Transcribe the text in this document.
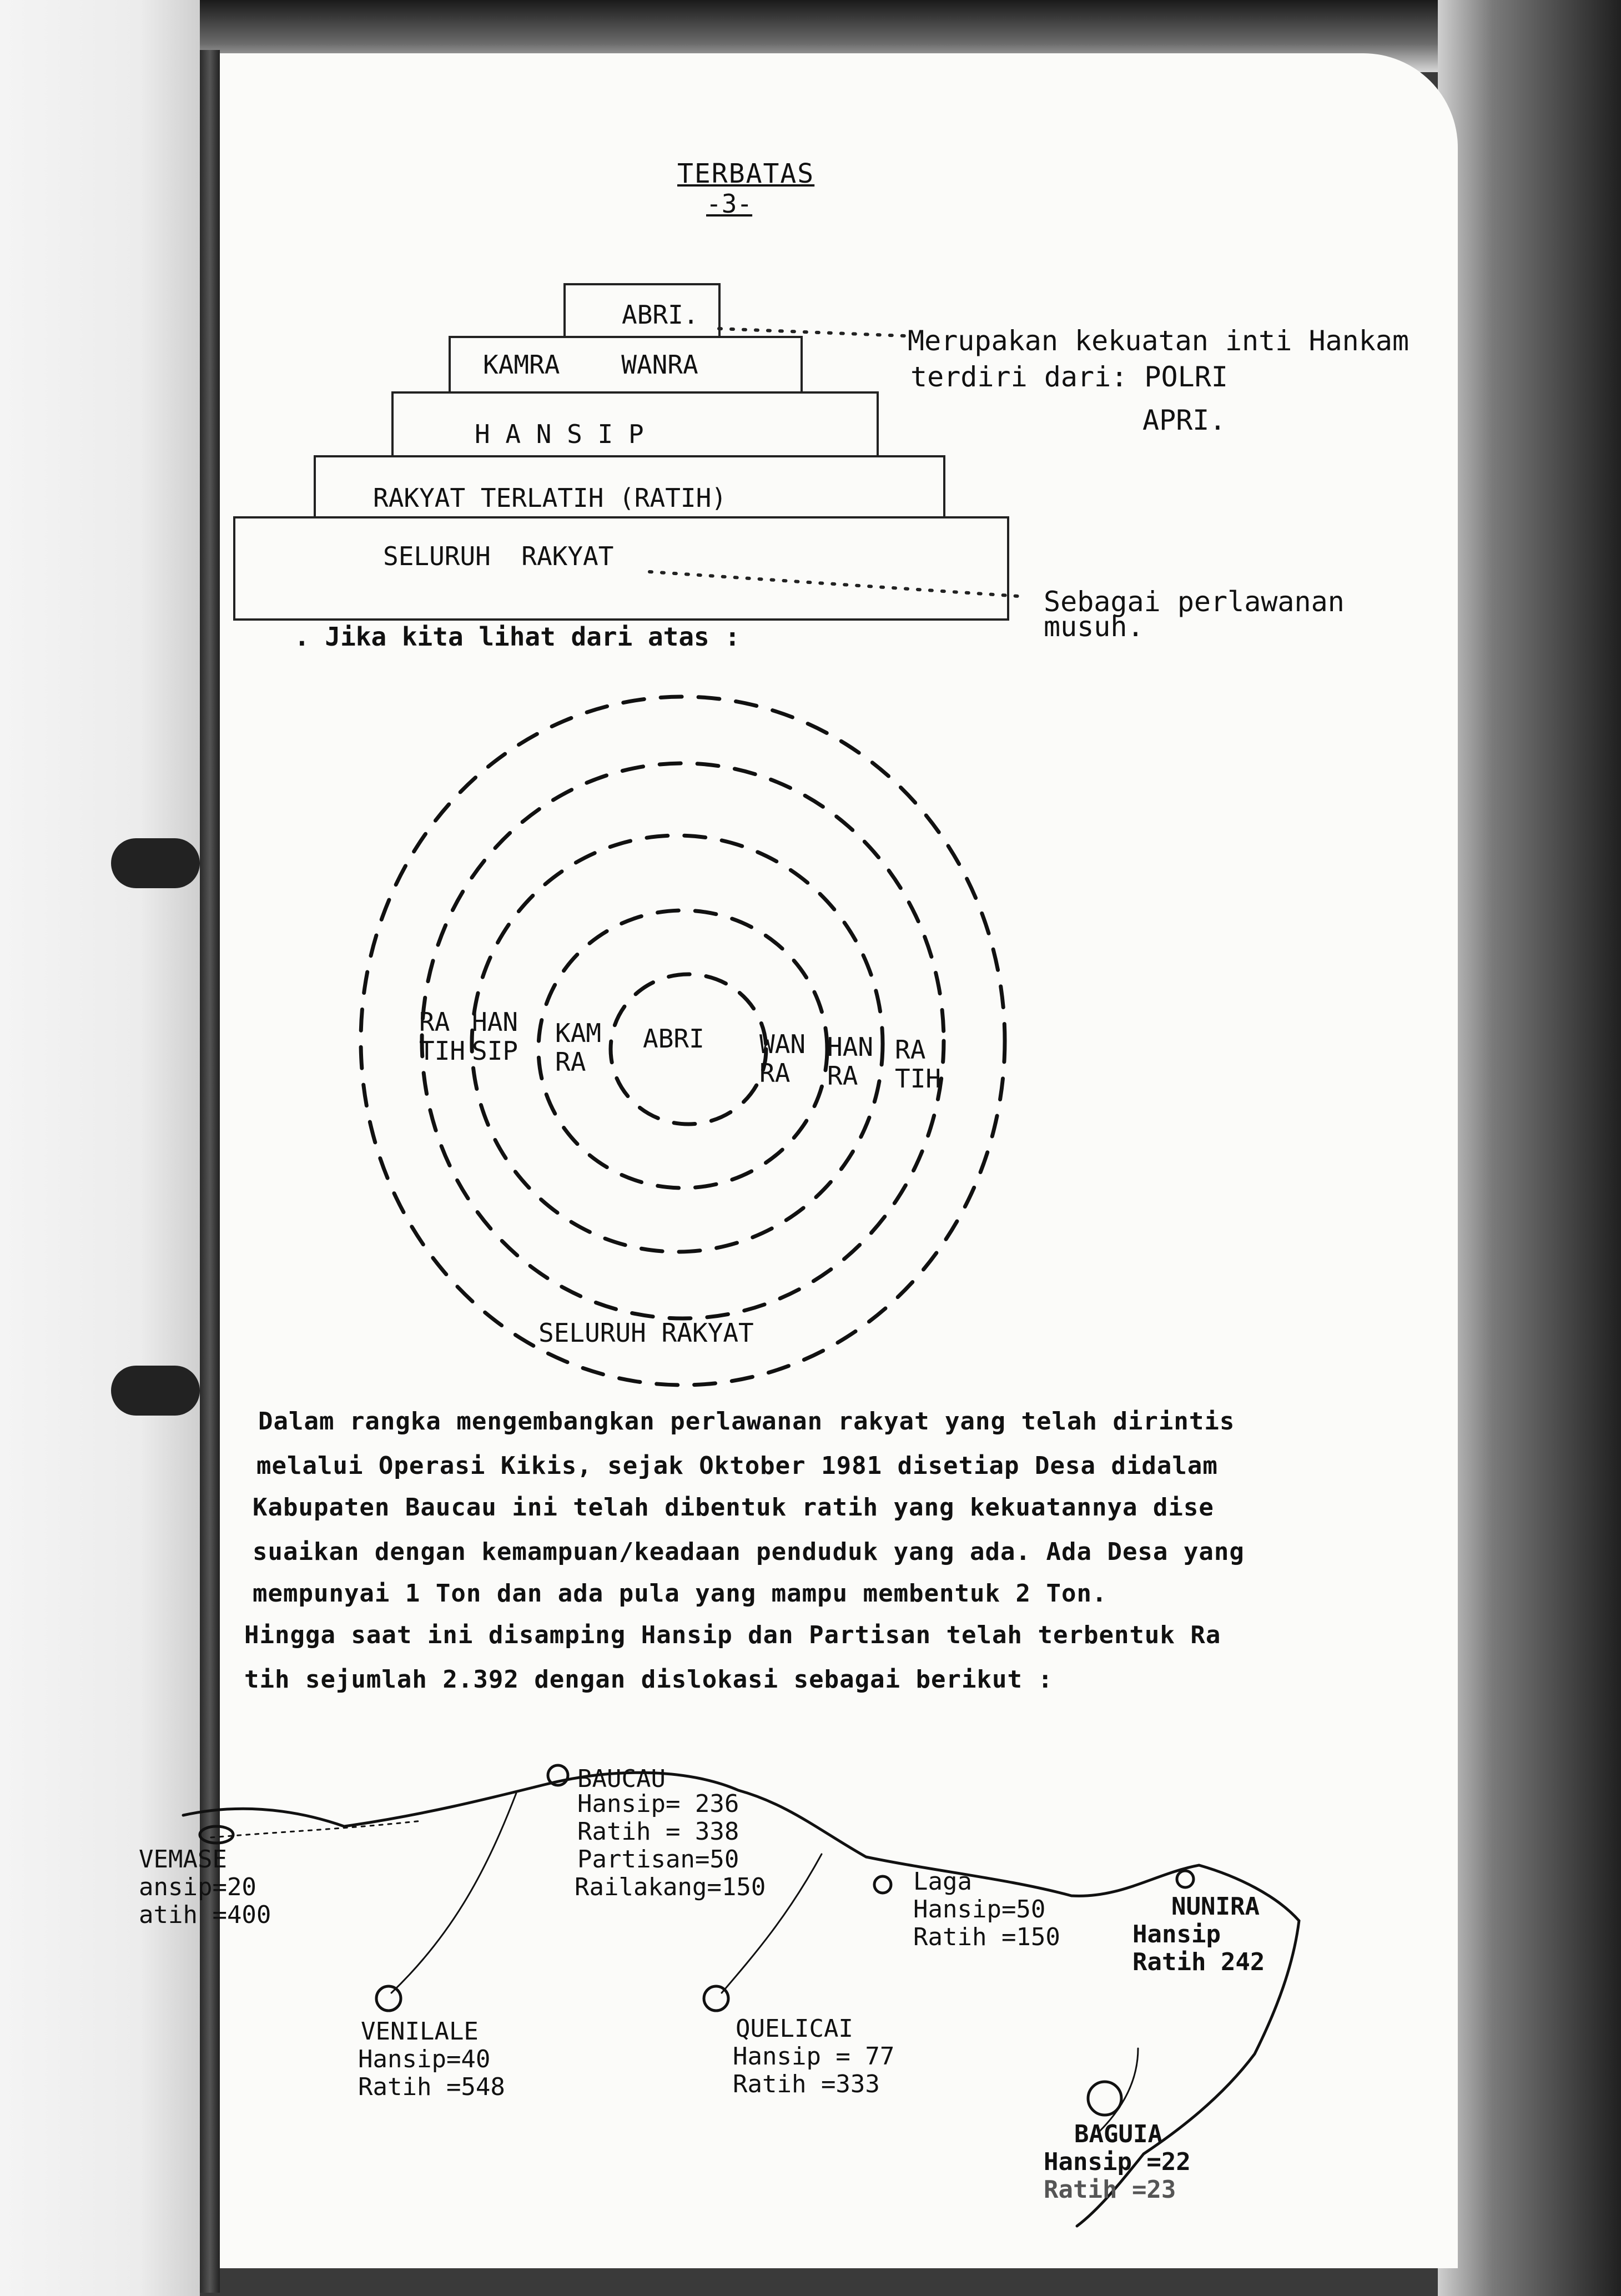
TERBATAS
-3-
ABRI.
KAMRA    WANRA
H A N S I P
RAKYAT TERLATIH (RATIH)
SELURUH  RAKYAT
Merupakan kekuatan inti Hankam
terdiri dari: POLRI
APRI.
Sebagai perlawanan
musuh.
. Jika kita lihat dari atas :
ABRI
RA TIH
HAN SIP
KAM RA
WAN RA
HAN RA
RA TIH
SELURUH RAKYAT
Dalam rangka mengembangkan perlawanan rakyat yang telah dirintis
melalui Operasi Kikis, sejak Oktober 1981 disetiap Desa didalam
Kabupaten Baucau ini telah dibentuk ratih yang kekuatannya dise
suaikan dengan kemampuan/keadaan penduduk yang ada. Ada Desa yang
mempunyai 1 Ton dan ada pula yang mampu membentuk 2 Ton.
Hingga saat ini disamping Hansip dan Partisan telah terbentuk Ra
tih sejumlah 2.392 dengan dislokasi sebagai berikut :
BAUCAU
Hansip= 236
Ratih = 338
Partisan=50
Railakang=150
VEMASE
ansip=20
atih =400
Laga
Hansip=50
Ratih =150
NUNIRA
Hansip
Ratih 242
VENILALE
Hansip=40
Ratih =548
QUELICAI
Hansip = 77
Ratih =333
BAGUIA
Hansip =22
Ratih =23
